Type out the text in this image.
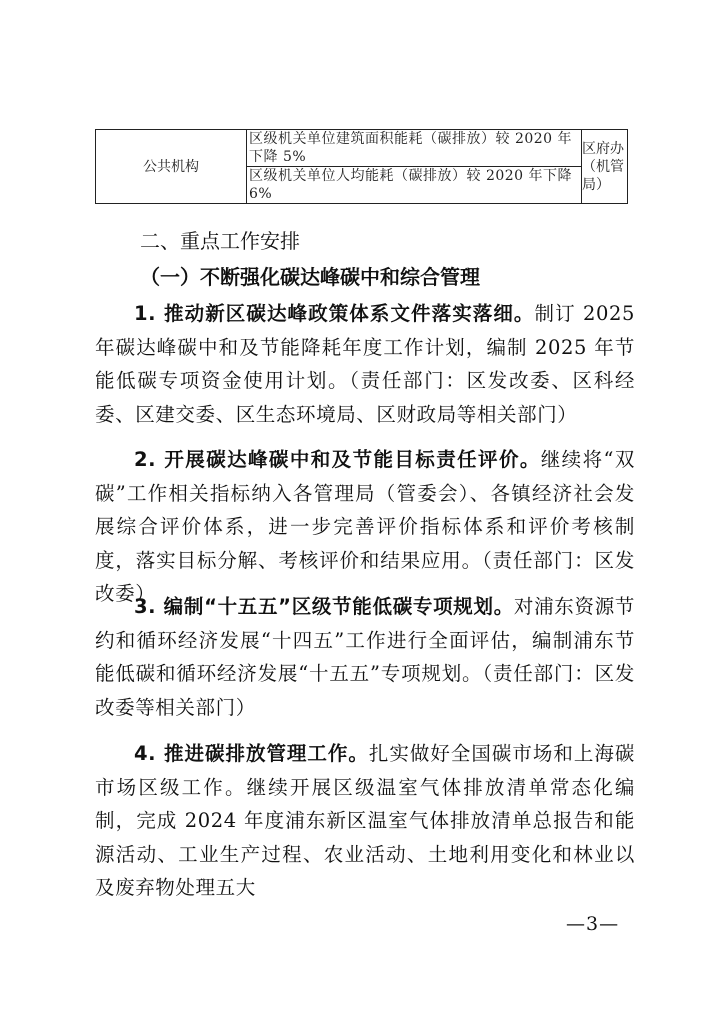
公共机构
区级机关单位建筑面积能耗（碳排放）较 2020 年下降 5%
区级机关单位人均能耗（碳排放）较 2020 年下降 6%
区府办（机管局）
二、重点工作安排
（一）不断强化碳达峰碳中和综合管理

1. 推动新区碳达峰政策体系文件落实落细。制订 2025 年碳达峰碳中和及节能降耗年度工作计划，编制 2025 年节能低碳专项资金使用计划。（责任部门：区发改委、区科经委、区建交委、区生态环境局、区财政局等相关部门）

2. 开展碳达峰碳中和及节能目标责任评价。继续将“双碳”工作相关指标纳入各管理局（管委会）、各镇经济社会发展综合评价体系，进一步完善评价指标体系和评价考核制度，落实目标分解、考核评价和结果应用。（责任部门：区发改委）

3. 编制“十五五”区级节能低碳专项规划。对浦东资源节约和循环经济发展“十四五”工作进行全面评估，编制浦东节能低碳和循环经济发展“十五五”专项规划。（责任部门：区发改委等相关部门）

4. 推进碳排放管理工作。扎实做好全国碳市场和上海碳市场区级工作。继续开展区级温室气体排放清单常态化编制，完成 2024 年度浦东新区温室气体排放清单总报告和能源活动、工业生产过程、农业活动、土地利用变化和林业以及废弃物处理五大

—3—
